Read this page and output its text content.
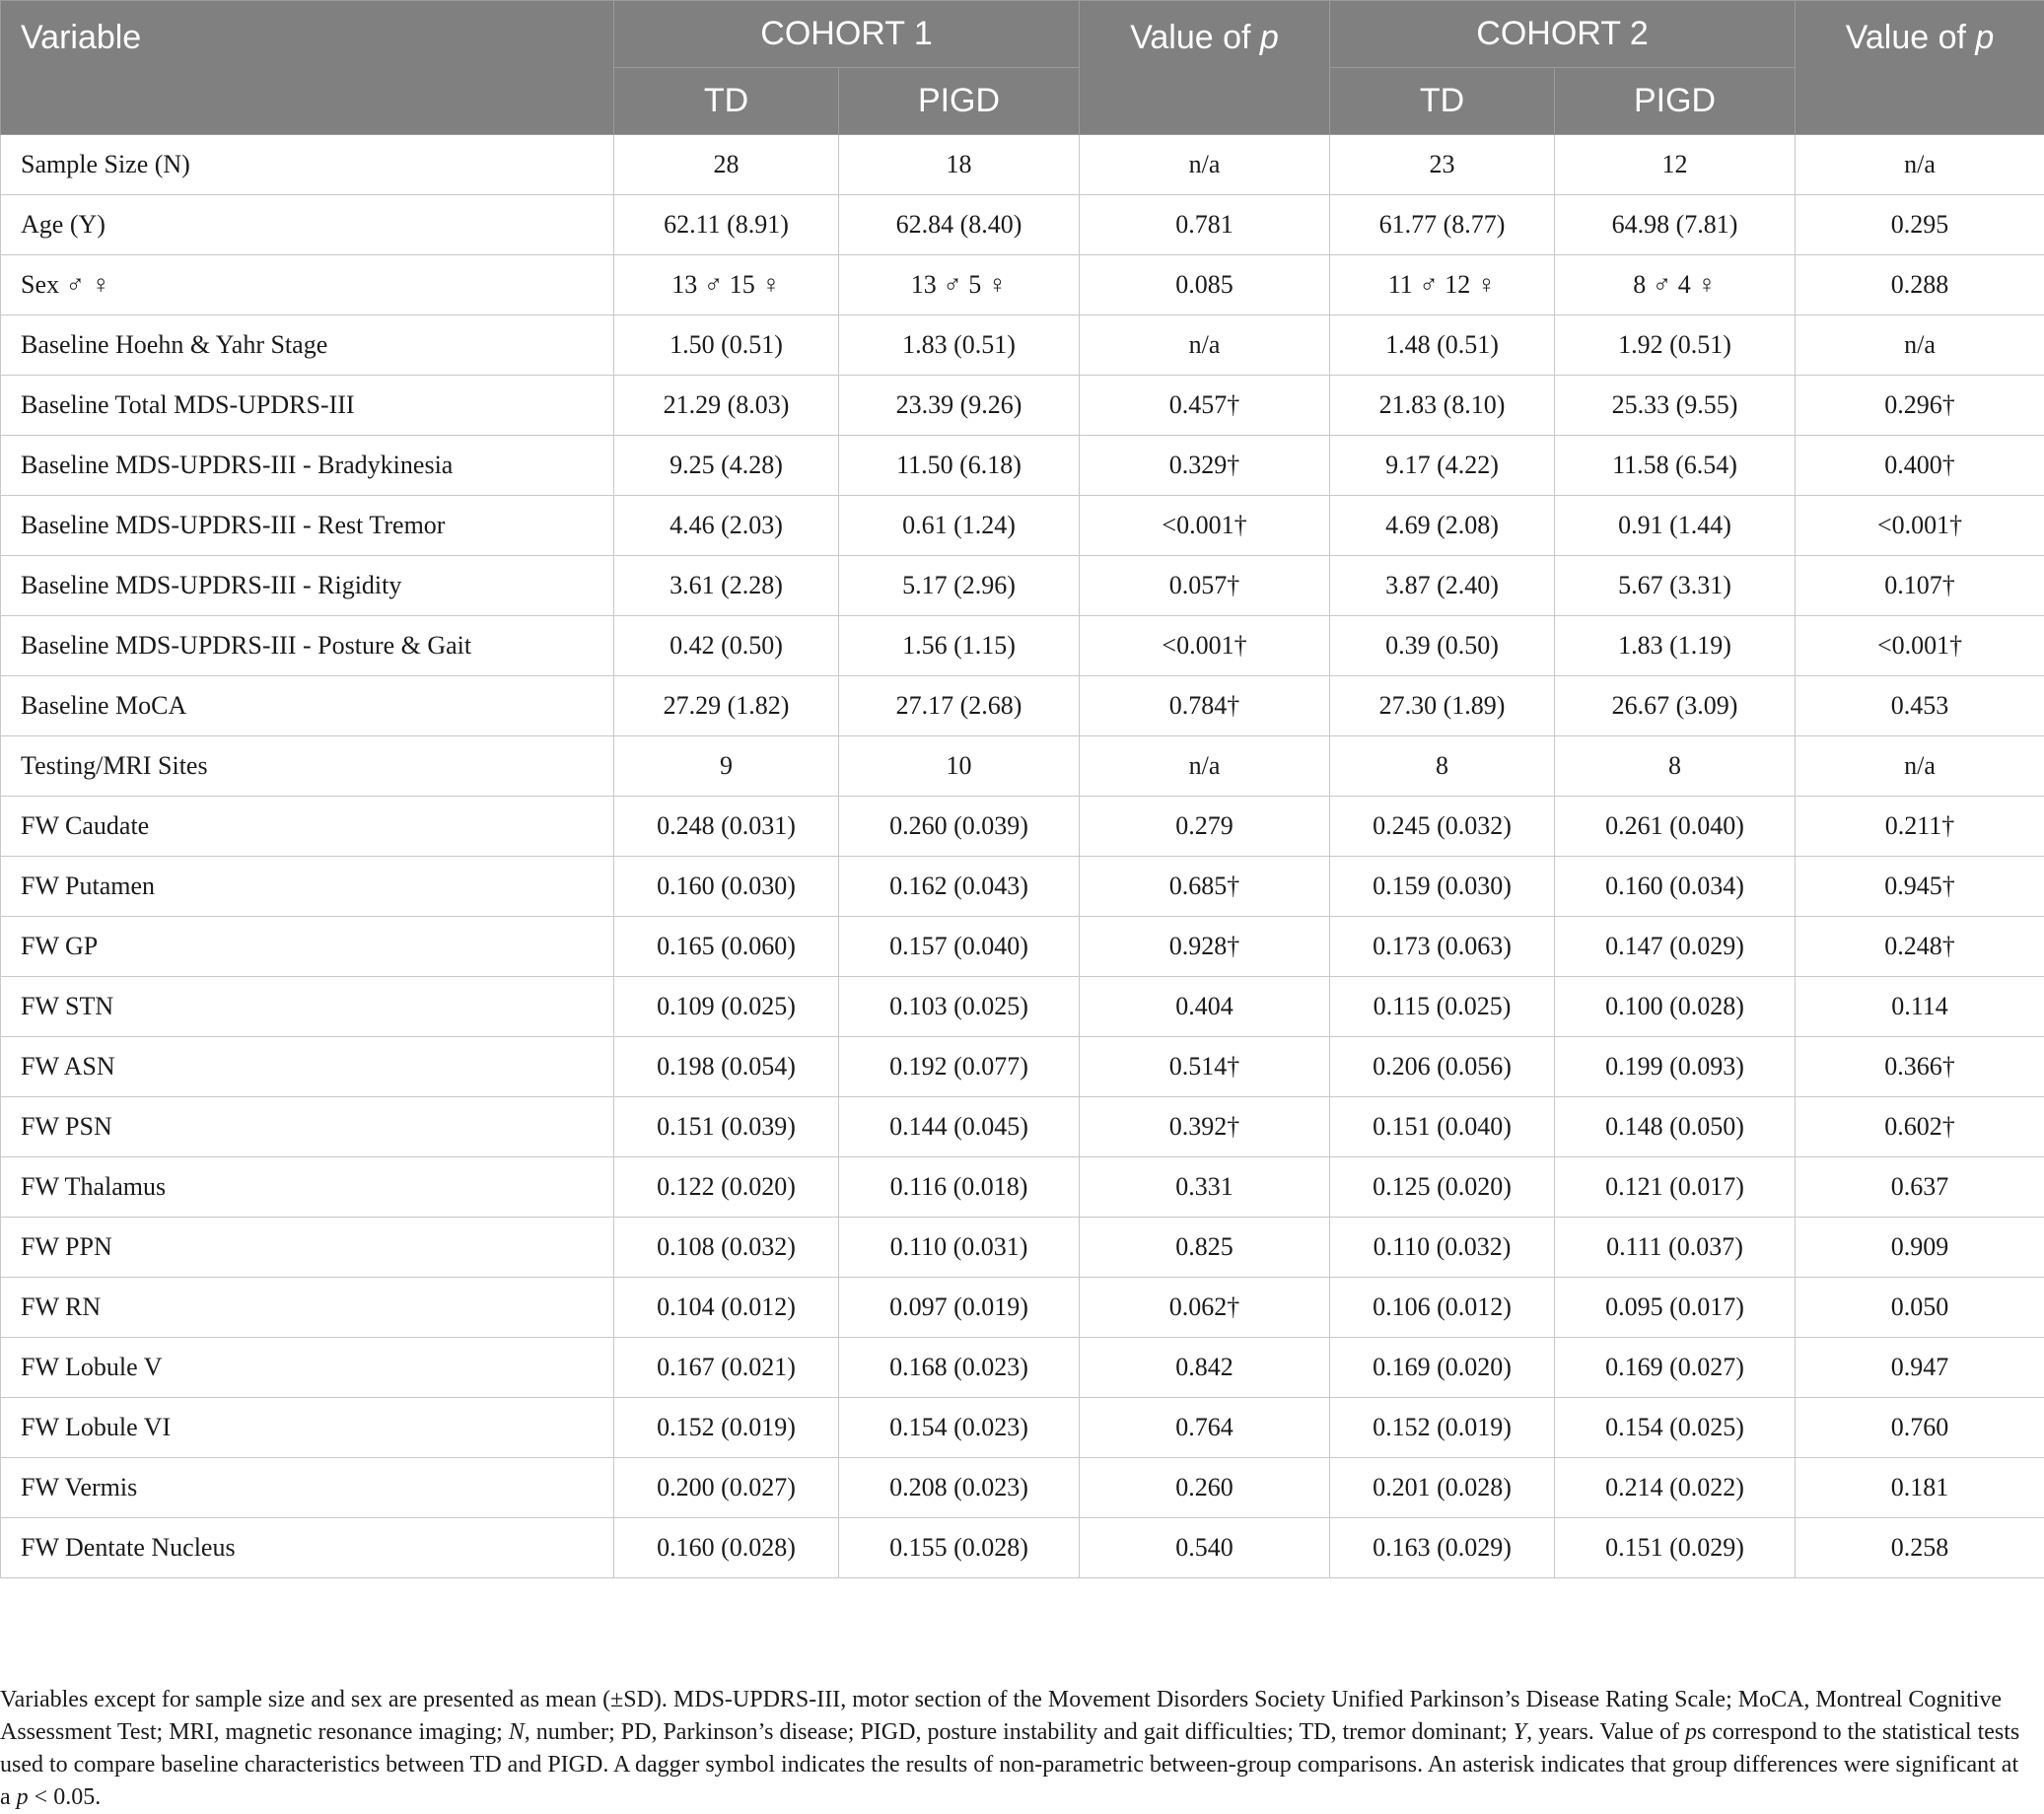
Variable	COHORT 1		Value of p	COHORT 2		Value of p
	TD	PIGD		TD	PIGD	
Sample Size (N)	28	18	n/a	23	12	n/a
Age (Y)	62.11 (8.91)	62.84 (8.40)	0.781	61.77 (8.77)	64.98 (7.81)	0.295
Sex ♂ ♀	13 ♂ 15 ♀	13 ♂ 5 ♀	0.085	11 ♂ 12 ♀	8 ♂ 4 ♀	0.288
Baseline Hoehn & Yahr Stage	1.50 (0.51)	1.83 (0.51)	n/a	1.48 (0.51)	1.92 (0.51)	n/a
Baseline Total MDS-UPDRS-III	21.29 (8.03)	23.39 (9.26)	0.457†	21.83 (8.10)	25.33 (9.55)	0.296†
Baseline MDS-UPDRS-III - Bradykinesia	9.25 (4.28)	11.50 (6.18)	0.329†	9.17 (4.22)	11.58 (6.54)	0.400†
Baseline MDS-UPDRS-III - Rest Tremor	4.46 (2.03)	0.61 (1.24)	<0.001†	4.69 (2.08)	0.91 (1.44)	<0.001†
Baseline MDS-UPDRS-III - Rigidity	3.61 (2.28)	5.17 (2.96)	0.057†	3.87 (2.40)	5.67 (3.31)	0.107†
Baseline MDS-UPDRS-III - Posture & Gait	0.42 (0.50)	1.56 (1.15)	<0.001†	0.39 (0.50)	1.83 (1.19)	<0.001†
Baseline MoCA	27.29 (1.82)	27.17 (2.68)	0.784†	27.30 (1.89)	26.67 (3.09)	0.453
Testing/MRI Sites	9	10	n/a	8	8	n/a
FW Caudate	0.248 (0.031)	0.260 (0.039)	0.279	0.245 (0.032)	0.261 (0.040)	0.211†
FW Putamen	0.160 (0.030)	0.162 (0.043)	0.685†	0.159 (0.030)	0.160 (0.034)	0.945†
FW GP	0.165 (0.060)	0.157 (0.040)	0.928†	0.173 (0.063)	0.147 (0.029)	0.248†
FW STN	0.109 (0.025)	0.103 (0.025)	0.404	0.115 (0.025)	0.100 (0.028)	0.114
FW ASN	0.198 (0.054)	0.192 (0.077)	0.514†	0.206 (0.056)	0.199 (0.093)	0.366†
FW PSN	0.151 (0.039)	0.144 (0.045)	0.392†	0.151 (0.040)	0.148 (0.050)	0.602†
FW Thalamus	0.122 (0.020)	0.116 (0.018)	0.331	0.125 (0.020)	0.121 (0.017)	0.637
FW PPN	0.108 (0.032)	0.110 (0.031)	0.825	0.110 (0.032)	0.111 (0.037)	0.909
FW RN	0.104 (0.012)	0.097 (0.019)	0.062†	0.106 (0.012)	0.095 (0.017)	0.050
FW Lobule V	0.167 (0.021)	0.168 (0.023)	0.842	0.169 (0.020)	0.169 (0.027)	0.947
FW Lobule VI	0.152 (0.019)	0.154 (0.023)	0.764	0.152 (0.019)	0.154 (0.025)	0.760
FW Vermis	0.200 (0.027)	0.208 (0.023)	0.260	0.201 (0.028)	0.214 (0.022)	0.181
FW Dentate Nucleus	0.160 (0.028)	0.155 (0.028)	0.540	0.163 (0.029)	0.151 (0.029)	0.258
Variables except for sample size and sex are presented as mean (±SD). MDS-UPDRS-III, motor section of the Movement Disorders Society Unified Parkinson’s Disease Rating Scale; MoCA, Montreal Cognitive Assessment Test; MRI, magnetic resonance imaging; N, number; PD, Parkinson’s disease; PIGD, posture instability and gait difficulties; TD, tremor dominant; Y, years. Value of ps correspond to the statistical tests used to compare baseline characteristics between TD and PIGD. A dagger symbol indicates the results of non-parametric between-group comparisons. An asterisk indicates that group differences were significant at a p < 0.05.
